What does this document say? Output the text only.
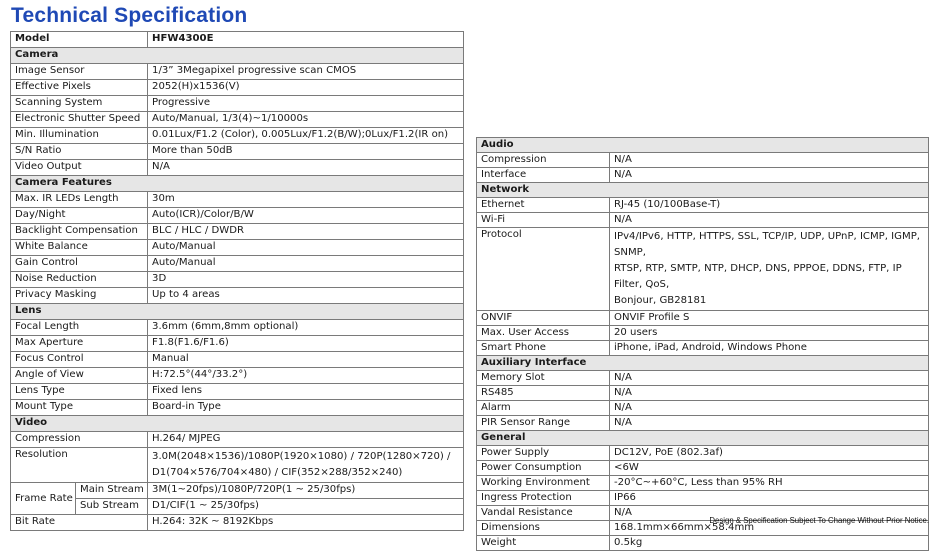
Technical Specification
Model		HFW4300E
Camera		
Image Sensor		1/3” 3Megapixel progressive scan CMOS
Effective Pixels		2052(H)x1536(V)
Scanning System		Progressive
Electronic Shutter Speed		Auto/Manual, 1/3(4)~1/10000s
Min. Illumination		0.01Lux/F1.2 (Color), 0.005Lux/F1.2(B/W);0Lux/F1.2(IR on)
S/N Ratio		More than 50dB
Video Output		N/A
Camera Features		
Max. IR LEDs Length		30m
Day/Night		Auto(ICR)/Color/B/W
Backlight Compensation		BLC / HLC / DWDR
White Balance		Auto/Manual
Gain Control		Auto/Manual
Noise Reduction		3D
Privacy Masking		Up to 4 areas
Lens		
Focal Length		3.6mm (6mm,8mm optional)
Max Aperture		F1.8(F1.6/F1.6)
Focus Control		Manual
Angle of View		H:72.5°(44°/33.2°)
Lens Type		Fixed lens
Mount Type		Board-in Type
Video		
Compression		H.264/ MJPEG
Resolution		3.0M(2048×1536)/1080P(1920×1080) / 720P(1280×720) /
D1(704×576/704×480) / CIF(352×288/352×240)

Frame Rate	Main Stream	3M(1~20fps)/1080P/720P(1 ~ 25/30fps)
	Sub Stream	D1/CIF(1 ~ 25/30fps)
Bit Rate		H.264: 32K ~ 8192Kbps
Audio	
Compression	N/A
Interface	N/A
Network	
Ethernet	RJ-45 (10/100Base-T)
Wi-Fi	N/A
Protocol	IPv4/IPv6, HTTP, HTTPS, SSL, TCP/IP, UDP, UPnP, ICMP, IGMP, SNMP,
RTSP, RTP, SMTP, NTP, DHCP, DNS, PPPOE, DDNS, FTP, IP Filter, QoS,
Bonjour, GB28181

ONVIF	ONVIF Profile S
Max. User Access	20 users
Smart Phone	iPhone, iPad, Android, Windows Phone
Auxiliary Interface	
Memory Slot	N/A
RS485	N/A
Alarm	N/A
PIR Sensor Range	N/A
General	
Power Supply	DC12V, PoE (802.3af)
Power Consumption	<6W
Working Environment	-20°C~+60°C, Less than 95% RH
Ingress Protection	IP66
Vandal Resistance	N/A
Dimensions	168.1mm×66mm×58.4mm
Weight	0.5kg
Design & Specification Subject To Change Without Prior Notice.
